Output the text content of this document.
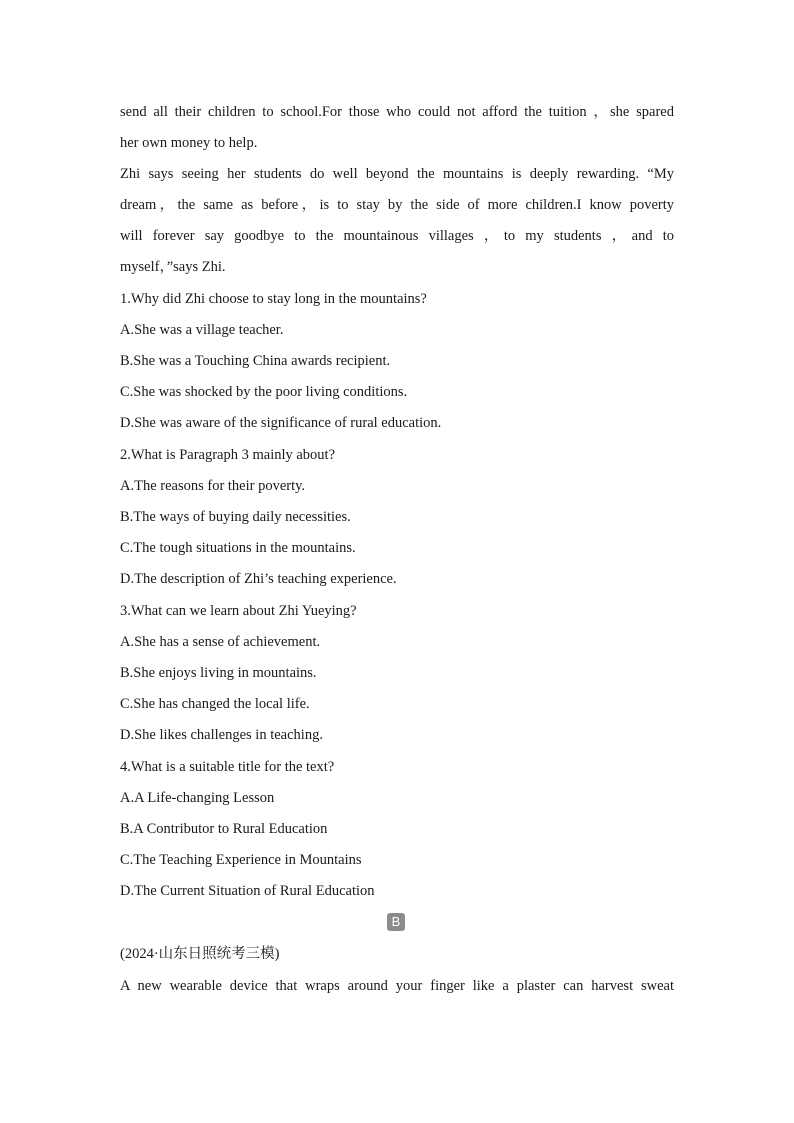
send all their children to school.For those who could not afford the tuition ，she spared
her own money to help.
Zhi says seeing her students do well beyond the mountains is deeply rewarding. “My
dream，the same as before，is to stay by the side of more children.I know poverty
will forever say goodbye to the mountainous villages ，to my students ，and to
myself，”says Zhi.
1.Why did Zhi choose to stay long in the mountains?
A.She was a village teacher.
B.She was a Touching China awards recipient.
C.She was shocked by the poor living conditions.
D.She was aware of the significance of rural education.
2.What is Paragraph 3 mainly about?
A.The reasons for their poverty.
B.The ways of buying daily necessities.
C.The tough situations in the mountains.
D.The description of Zhi’s teaching experience.
3.What can we learn about Zhi Yueying?
A.She has a sense of achievement.
B.She enjoys living in mountains.
C.She has changed the local life.
D.She likes challenges in teaching.
4.What is a suitable title for the text?
A.A Life-changing Lesson
B.A Contributor to Rural Education
C.The Teaching Experience in Mountains
D.The Current Situation of Rural Education
B
(2024·山东日照统考三模)
A new wearable device that wraps around your finger like a plaster can harvest sweat
